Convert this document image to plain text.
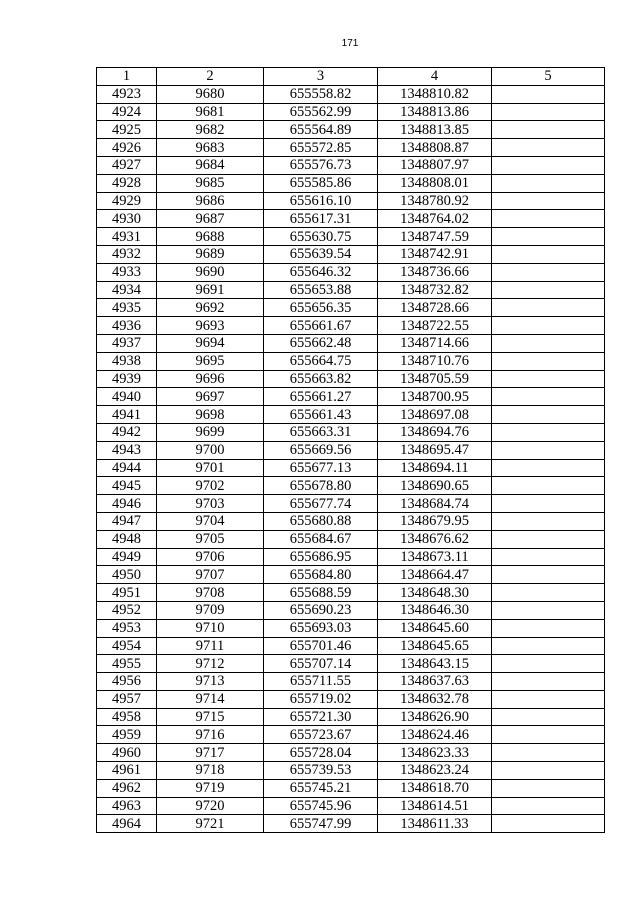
171
1	2	3	4	5
4923	9680	655558.82	1348810.82	
4924	9681	655562.99	1348813.86	
4925	9682	655564.89	1348813.85	
4926	9683	655572.85	1348808.87	
4927	9684	655576.73	1348807.97	
4928	9685	655585.86	1348808.01	
4929	9686	655616.10	1348780.92	
4930	9687	655617.31	1348764.02	
4931	9688	655630.75	1348747.59	
4932	9689	655639.54	1348742.91	
4933	9690	655646.32	1348736.66	
4934	9691	655653.88	1348732.82	
4935	9692	655656.35	1348728.66	
4936	9693	655661.67	1348722.55	
4937	9694	655662.48	1348714.66	
4938	9695	655664.75	1348710.76	
4939	9696	655663.82	1348705.59	
4940	9697	655661.27	1348700.95	
4941	9698	655661.43	1348697.08	
4942	9699	655663.31	1348694.76	
4943	9700	655669.56	1348695.47	
4944	9701	655677.13	1348694.11	
4945	9702	655678.80	1348690.65	
4946	9703	655677.74	1348684.74	
4947	9704	655680.88	1348679.95	
4948	9705	655684.67	1348676.62	
4949	9706	655686.95	1348673.11	
4950	9707	655684.80	1348664.47	
4951	9708	655688.59	1348648.30	
4952	9709	655690.23	1348646.30	
4953	9710	655693.03	1348645.60	
4954	9711	655701.46	1348645.65	
4955	9712	655707.14	1348643.15	
4956	9713	655711.55	1348637.63	
4957	9714	655719.02	1348632.78	
4958	9715	655721.30	1348626.90	
4959	9716	655723.67	1348624.46	
4960	9717	655728.04	1348623.33	
4961	9718	655739.53	1348623.24	
4962	9719	655745.21	1348618.70	
4963	9720	655745.96	1348614.51	
4964	9721	655747.99	1348611.33	
